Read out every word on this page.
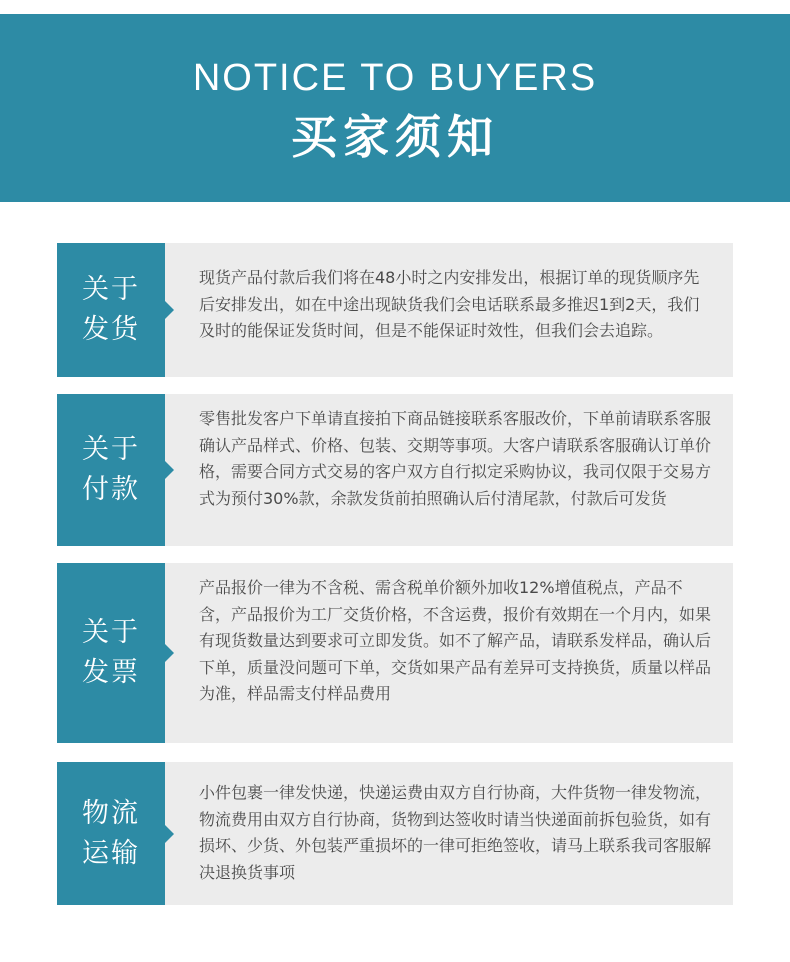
NOTICE TO BUYERS
买家须知
关于发货
现货产品付款后我们将在48小时之内安排发出，根据订单的现货顺序先后安排发出，如在中途出现缺货我们会电话联系最多推迟1到2天，我们及时的能保证发货时间，但是不能保证时效性，但我们会去追踪。
关于付款
零售批发客户下单请直接拍下商品链接联系客服改价，下单前请联系客服确认产品样式、价格、包装、交期等事项。大客户请联系客服确认订单价格，需要合同方式交易的客户双方自行拟定采购协议，我司仅限于交易方式为预付30%款，余款发货前拍照确认后付清尾款，付款后可发货
关于发票
产品报价一律为不含税、需含税单价额外加收12%增值税点，产品不含，产品报价为工厂交货价格，不含运费，报价有效期在一个月内，如果有现货数量达到要求可立即发货。如不了解产品，请联系发样品，确认后下单，质量没问题可下单，交货如果产品有差异可支持换货，质量以样品为准，样品需支付样品费用
物流运输
小件包裹一律发快递，快递运费由双方自行协商，大件货物一律发物流，物流费用由双方自行协商，货物到达签收时请当快递面前拆包验货，如有损坏、少货、外包装严重损坏的一律可拒绝签收，请马上联系我司客服解决退换货事项
